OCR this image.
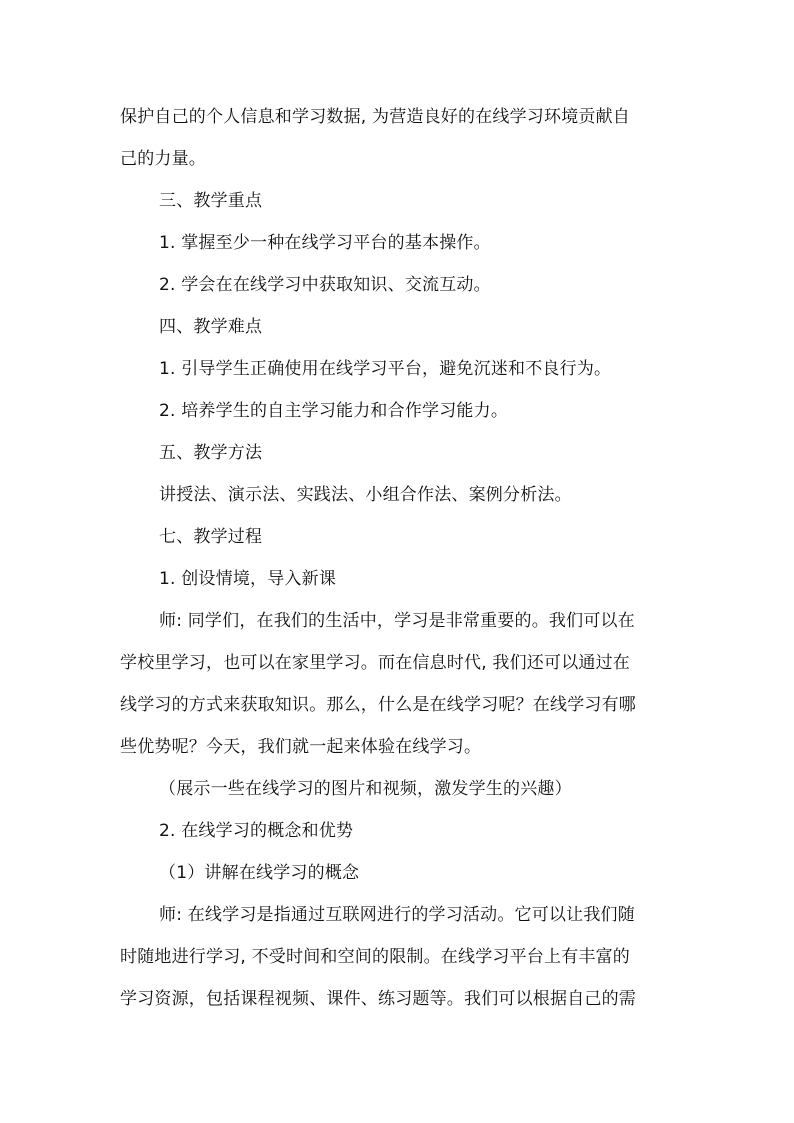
保护自己的个人信息和学习数据, 为营造良好的在线学习环境贡献自
己的力量。
三、教学重点
1. 掌握至少一种在线学习平台的基本操作。
2. 学会在在线学习中获取知识、交流互动。
四、教学难点
1. 引导学生正确使用在线学习平台，避免沉迷和不良行为。
2. 培养学生的自主学习能力和合作学习能力。
五、教学方法
讲授法、演示法、实践法、小组合作法、案例分析法。
七、教学过程
1. 创设情境，导入新课
师: 同学们，在我们的生活中，学习是非常重要的。我们可以在
学校里学习，也可以在家里学习。而在信息时代, 我们还可以通过在
线学习的方式来获取知识。那么，什么是在线学习呢？在线学习有哪
些优势呢？今天，我们就一起来体验在线学习。
（展示一些在线学习的图片和视频，激发学生的兴趣）
2. 在线学习的概念和优势
（1）讲解在线学习的概念
师: 在线学习是指通过互联网进行的学习活动。它可以让我们随
时随地进行学习, 不受时间和空间的限制。在线学习平台上有丰富的
学习资源，包括课程视频、课件、练习题等。我们可以根据自己的需
